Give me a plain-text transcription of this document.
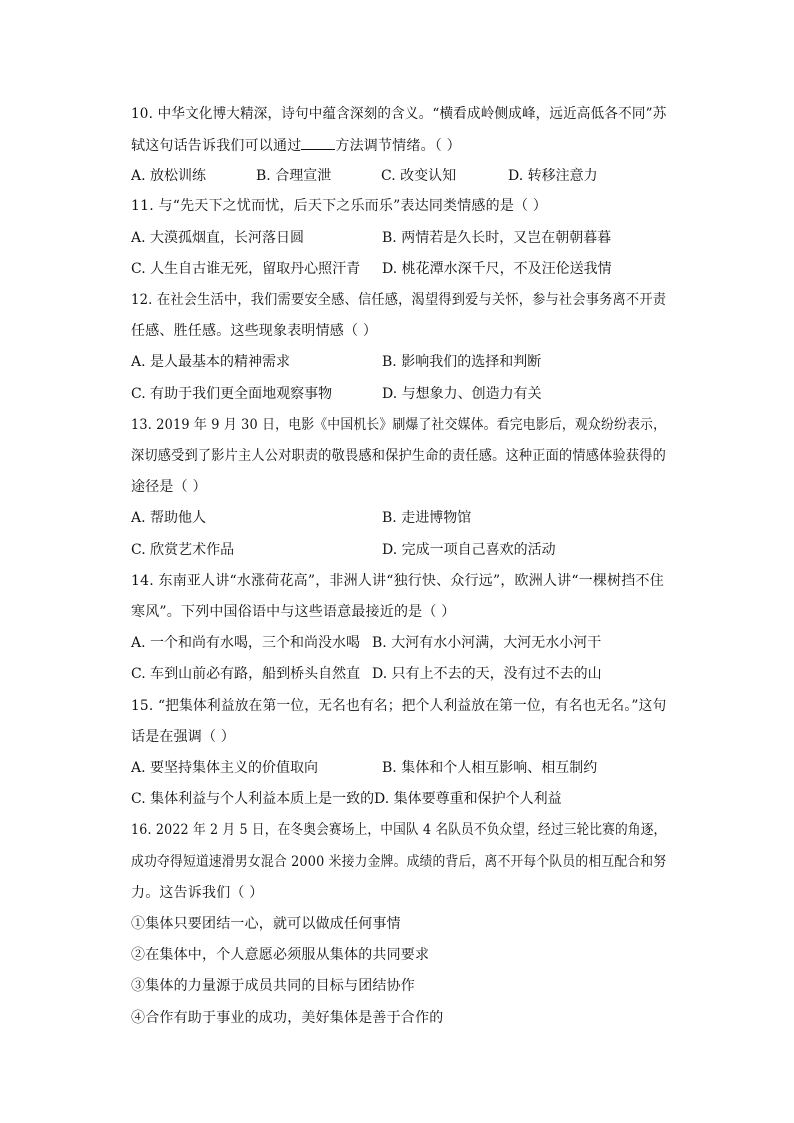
10. 中华文化博大精深，诗句中蕴含深刻的含义。“横看成岭侧成峰，远近高低各不同”苏
轼这句话告诉我们可以通过 方法调节情绪。（ ）
A. 放松训练	B. 合理宣泄	C. 改变认知	D. 转移注意力
11. 与“先天下之忧而忧，后天下之乐而乐”表达同类情感的是（ ）
A. 大漠孤烟直，长河落日圆	B. 两情若是久长时，又岂在朝朝暮暮
C. 人生自古谁无死，留取丹心照汗青 D. 桃花潭水深千尺，不及汪伦送我情
12. 在社会生活中，我们需要安全感、信任感，渴望得到爱与关怀，参与社会事务离不开责
任感、胜任感。这些现象表明情感（ ）
A. 是人最基本的精神需求	B. 影响我们的选择和判断
C. 有助于我们更全面地观察事物	D. 与想象力、创造力有关
13. 2019 年 9 月 30 日，电影《中国机长》刷爆了社交媒体。看完电影后，观众纷纷表示，
深切感受到了影片主人公对职责的敬畏感和保护生命的责任感。这种正面的情感体验获得的
途径是（ ）
A. 帮助他人	B. 走进博物馆
C. 欣赏艺术作品	D. 完成一项自己喜欢的活动
14. 东南亚人讲“水涨荷花高”，非洲人讲“独行快、众行远”，欧洲人讲“一棵树挡不住
寒风”。下列中国俗语中与这些语意最接近的是（ ）
A. 一个和尚有水喝，三个和尚没水喝 B. 大河有水小河满，大河无水小河干
C. 车到山前必有路，船到桥头自然直 D. 只有上不去的天，没有过不去的山
15. “把集体利益放在第一位，无名也有名；把个人利益放在第一位，有名也无名。”这句
话是在强调（ ）
A. 要坚持集体主义的价值取向	B. 集体和个人相互影响、相互制约
C. 集体利益与个人利益本质上是一致的 D. 集体要尊重和保护个人利益
16. 2022 年 2 月 5 日，在冬奥会赛场上，中国队 4 名队员不负众望，经过三轮比赛的角逐，
成功夺得短道速滑男女混合 2000 米接力金牌。成绩的背后，离不开每个队员的相互配合和努
力。这告诉我们（ ）
①集体只要团结一心，就可以做成任何事情
②在集体中，个人意愿必须服从集体的共同要求
③集体的力量源于成员共同的目标与团结协作
④合作有助于事业的成功，美好集体是善于合作的
